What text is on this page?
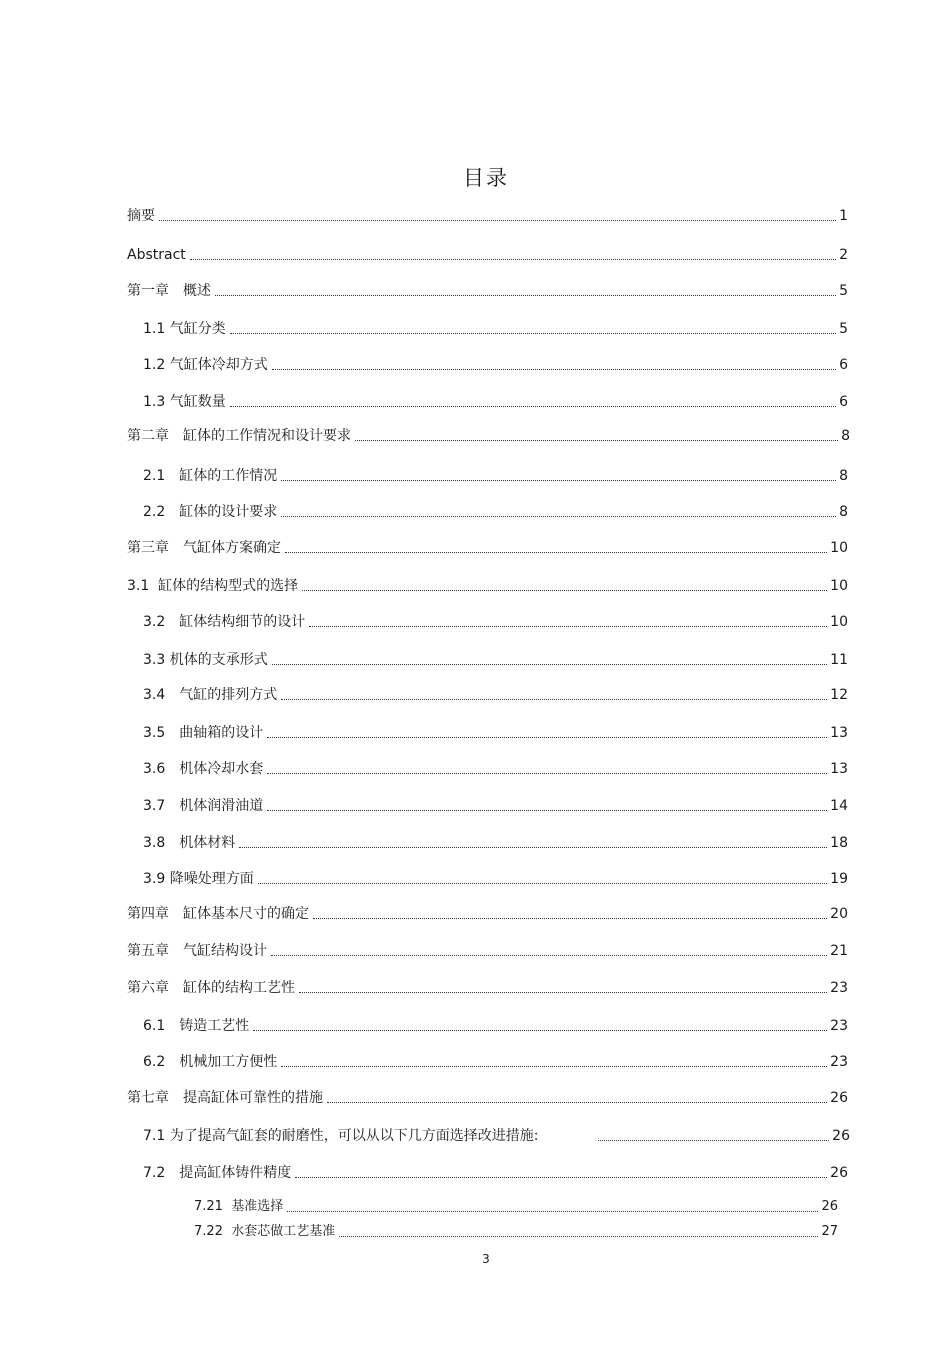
目录
摘要	1
Abstract	2
第一章　概述	5
1.1 气缸分类	5
1.2 气缸体冷却方式	6
1.3 气缸数量	6
第二章　缸体的工作情况和设计要求	8
2.1　缸体的工作情况	8
2.2　缸体的设计要求	8
第三章　气缸体方案确定	10
3.1  缸体的结构型式的选择	10
3.2　缸体结构细节的设计	10
3.3 机体的支承形式	11
3.4　气缸的排列方式	12
3.5　曲轴箱的设计	13
3.6　机体冷却水套	13
3.7　机体润滑油道	14
3.8　机体材料	18
3.9 降噪处理方面	19
第四章　缸体基本尺寸的确定	20
第五章　气缸结构设计	21
第六章　缸体的结构工艺性	23
6.1　铸造工艺性	23
6.2　机械加工方便性	23
第七章　提高缸体可靠性的措施	26
7.1 为了提高气缸套的耐磨性，可以从以下几方面选择改进措施:	26
7.2　提高缸体铸件精度	26
7.21  基准选择	26
7.22  水套芯做工艺基准	27
3
